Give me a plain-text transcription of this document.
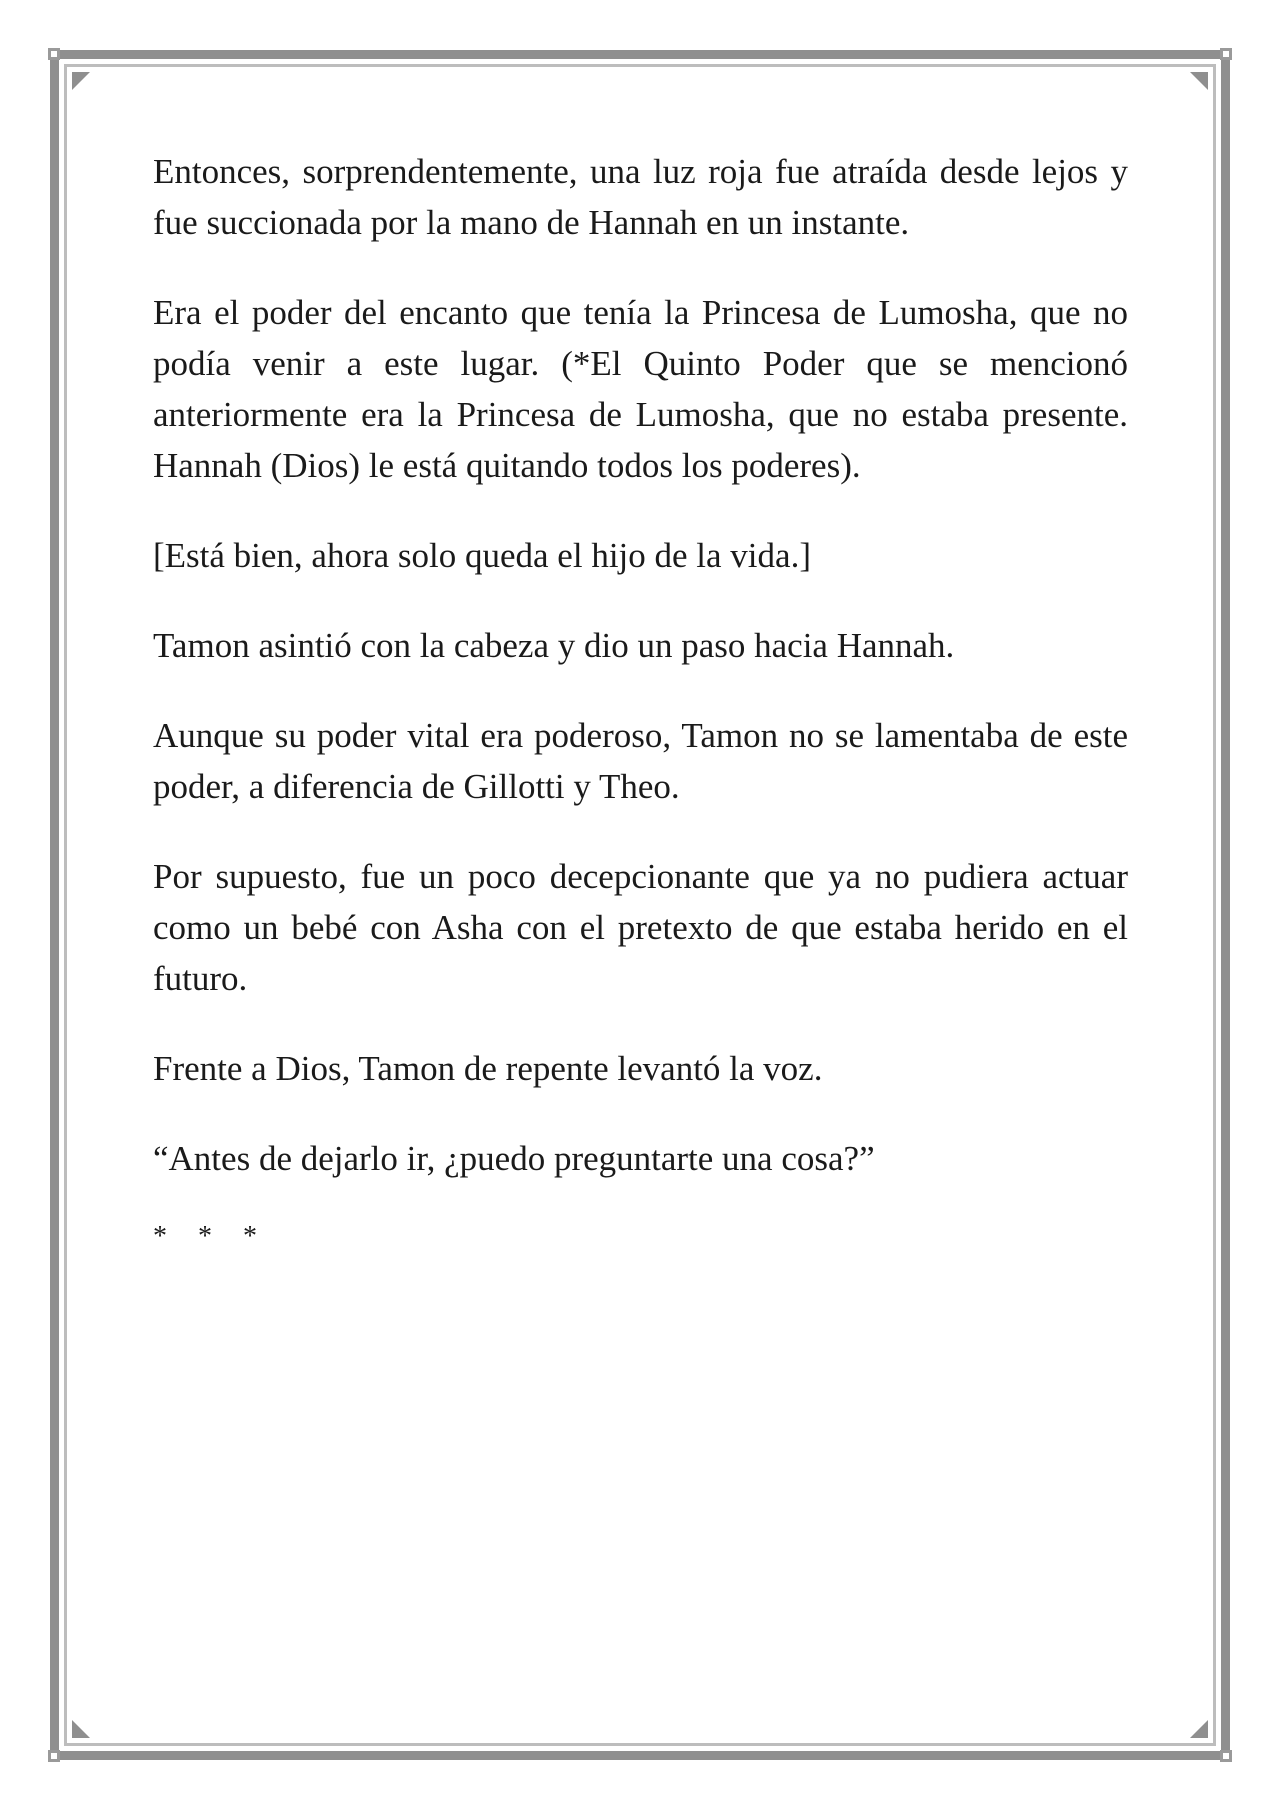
Entonces, sorprendentemente, una luz roja fue atraída desde lejos y fue succionada por la mano de Hannah en un instante.

Era el poder del encanto que tenía la Princesa de Lumosha, que no podía venir a este lugar. (*El Quinto Poder que se mencionó anteriormente era la Princesa de Lumosha, que no estaba presente. Hannah (Dios) le está quitando todos los poderes).

[Está bien, ahora solo queda el hijo de la vida.]

Tamon asintió con la cabeza y dio un paso hacia Hannah.

Aunque su poder vital era poderoso, Tamon no se lamentaba de este poder, a diferencia de Gillotti y Theo.

Por supuesto, fue un poco decepcionante que ya no pudiera actuar como un bebé con Asha con el pretexto de que estaba herido en el futuro.

Frente a Dios, Tamon de repente levantó la voz.

“Antes de dejarlo ir, ¿puedo preguntarte una cosa?”

* * *
